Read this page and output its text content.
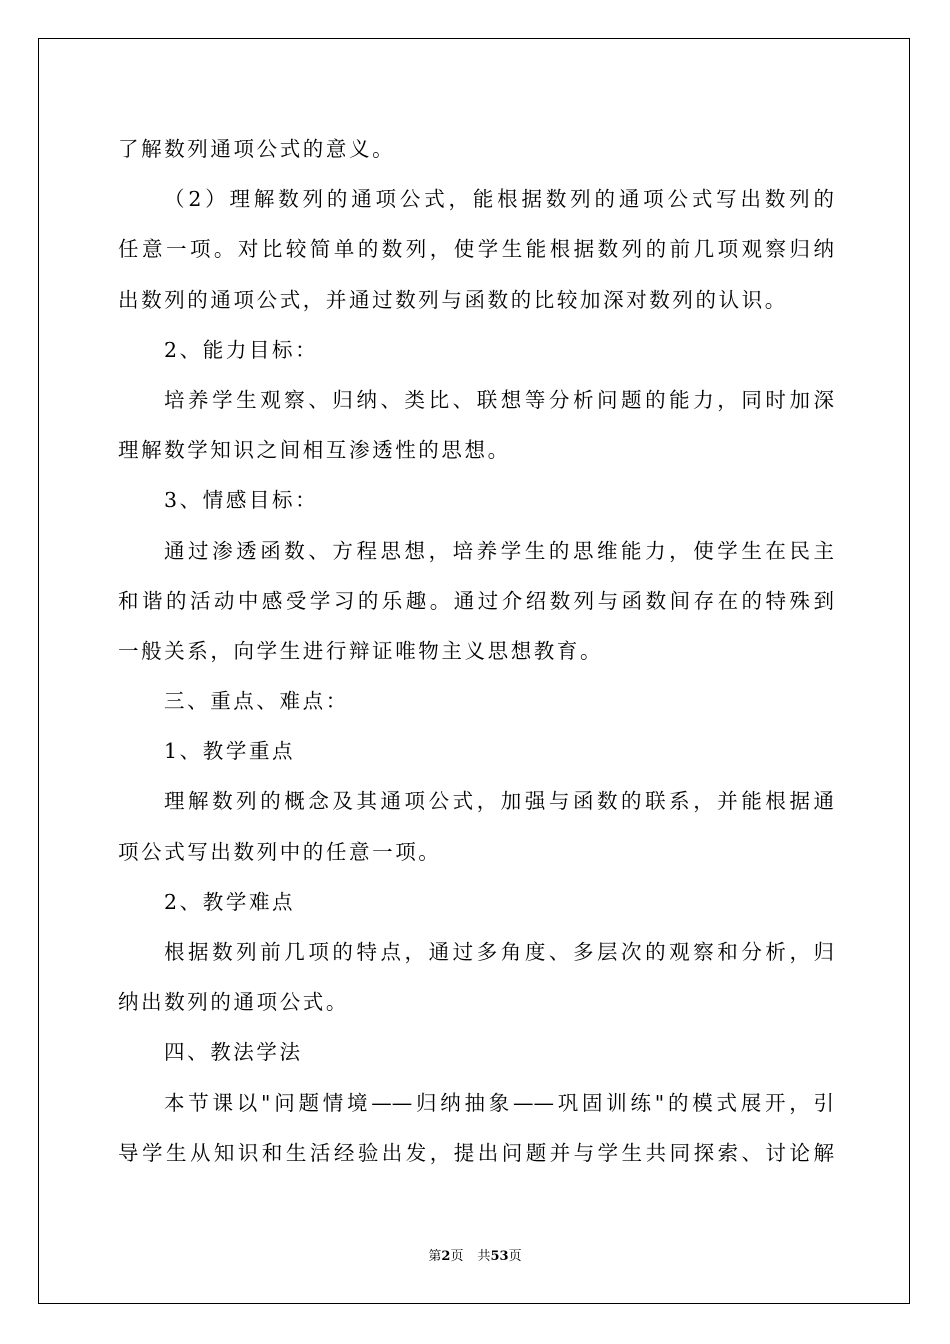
了解数列通项公式的意义。
（2）理解数列的通项公式，能根据数列的通项公式写出数列的
任意一项。对比较简单的数列，使学生能根据数列的前几项观察归纳
出数列的通项公式，并通过数列与函数的比较加深对数列的认识。
2、能力目标：
培养学生观察、归纳、类比、联想等分析问题的能力，同时加深
理解数学知识之间相互渗透性的思想。
3、情感目标：
通过渗透函数、方程思想，培养学生的思维能力，使学生在民主
和谐的活动中感受学习的乐趣。通过介绍数列与函数间存在的特殊到
一般关系，向学生进行辩证唯物主义思想教育。
三、重点、难点：
1、教学重点
理解数列的概念及其通项公式，加强与函数的联系，并能根据通
项公式写出数列中的任意一项。
2、教学难点
根据数列前几项的特点，通过多角度、多层次的观察和分析，归
纳出数列的通项公式。
四、教法学法
本节课以"问题情境——归纳抽象——巩固训练"的模式展开，引
导学生从知识和生活经验出发，提出问题并与学生共同探索、讨论解
第2页 共53页
